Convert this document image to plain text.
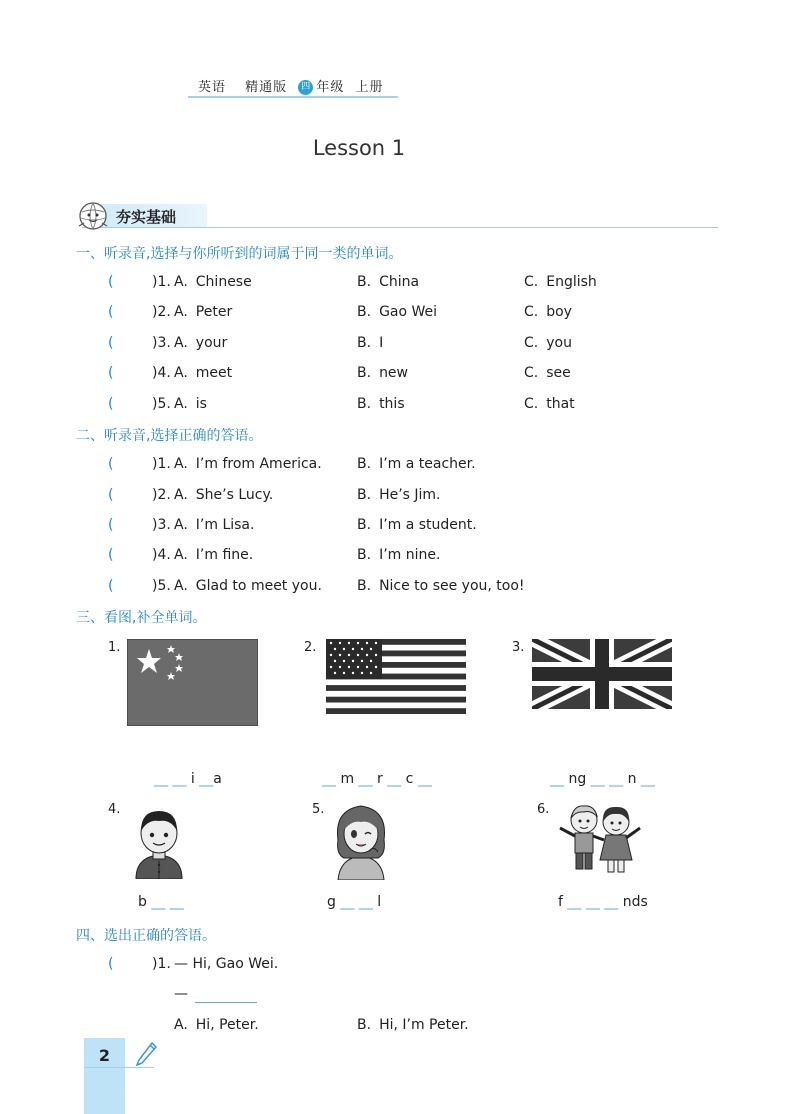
英语 精通版 四 年级 上册
Lesson 1
夯实基础
一、听录音,选择与你所听到的词属于同一类的单词。
(	)1. A. Chinese	B. China	C. English
(	)2. A. Peter	B. Gao Wei	C. boy
(	)3. A. your	B. I	C. you
(	)4. A. meet	B. new	C. see
(	)5. A. is	B. this	C. that
二、听录音,选择正确的答语。
(	)1. A. I’m from America.	B. I’m a teacher.
(	)2. A. She’s Lucy.	B. He’s Jim.
(	)3. A. I’m Lisa.	B. I’m a student.
(	)4. A. I’m fine.	B. I’m nine.
(	)5. A. Glad to meet you.	B. Nice to see you, too!
三、看图,补全单词。
1.	2.	3.
__ __ i __a	__ m __ r __ c __	__ ng __ __ n __
4.	5.	6.
b __ __	g __ __ l	f __ __ __ nds
四、选出正确的答语。
(	)1. — Hi, Gao Wei.
—
A. Hi, Peter.	B. Hi, I’m Peter.
2
